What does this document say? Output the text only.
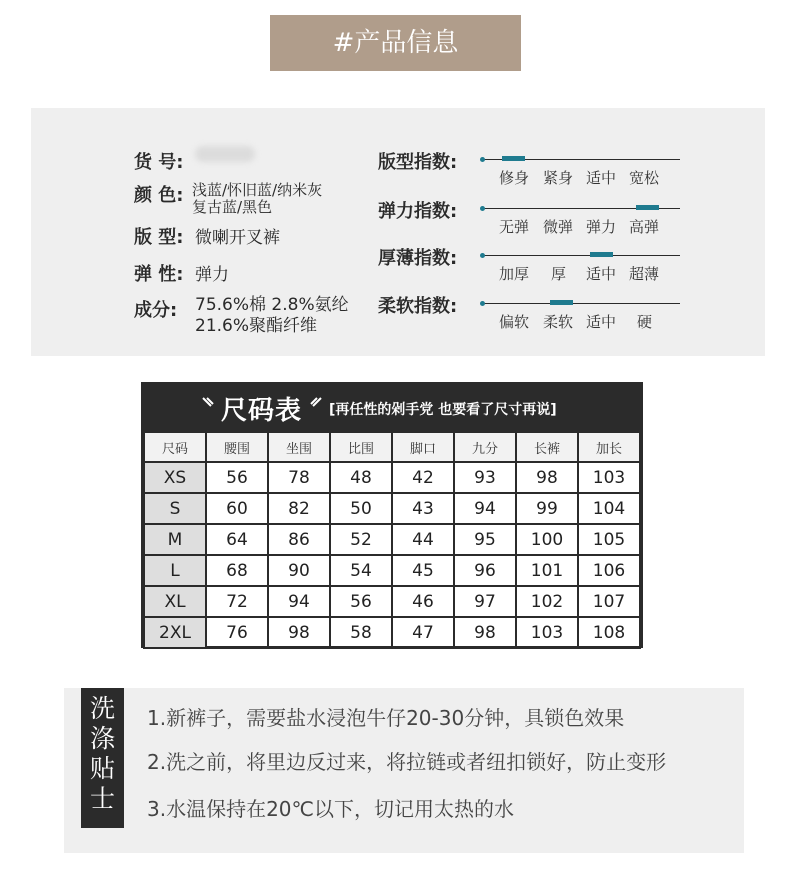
#产品信息
货 号:
颜 色: 浅蓝/怀旧蓝/纳米灰
复古蓝/黑色
版 型: 微喇开叉裤
弹 性: 弹力
成分: 75.6%棉 2.8%氨纶
21.6%聚酯纤维
版型指数:
修身 紧身 适中 宽松
弹力指数:
无弹 微弹 弹力 高弹
厚薄指数:
加厚 厚 适中 超薄
柔软指数:
偏软 柔软 适中 硬
尺码表 [再任性的剁手党 也要看了尺寸再说]
尺码	腰围	坐围	比围	脚口	九分	长裤	加长
XS	56	78	48	42	93	98	103
S	60	82	50	43	94	99	104
M	64	86	52	44	95	100	105
L	68	90	54	45	96	101	106
XL	72	94	56	46	97	102	107
2XL	76	98	58	47	98	103	108
洗
涤
贴
士
1.新裤子，需要盐水浸泡牛仔20-30分钟，具锁色效果
2.洗之前，将里边反过来，将拉链或者纽扣锁好，防止变形
3.水温保持在20℃以下，切记用太热的水
